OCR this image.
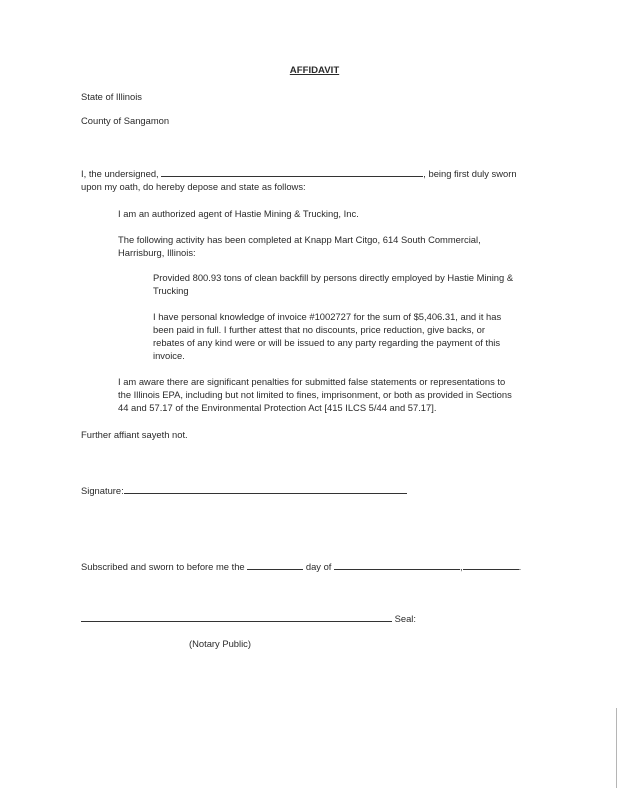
AFFIDAVIT
State of Illinois
County of Sangamon
I, the undersigned,	, being first duly sworn
upon my oath, do hereby depose and state as follows:
I am an authorized agent of Hastie Mining & Trucking, Inc.
The following activity has been completed at Knapp Mart Citgo, 614 South Commercial,
Harrisburg, Illinois:
Provided 800.93 tons of clean backfill by persons directly employed by Hastie Mining &
Trucking
I have personal knowledge of invoice #1002727 for the sum of $5,406.31, and it has
been paid in full. I further attest that no discounts, price reduction, give backs, or
rebates of any kind were or will be issued to any party regarding the payment of this
invoice.
I am aware there are significant penalties for submitted false statements or representations to
the Illinois EPA, including but not limited to fines, imprisonment, or both as provided in Sections
44 and 57.17 of the Environmental Protection Act [415 ILCS 5/44 and 57.17].
Further affiant sayeth not.
Signature:
Subscribed and sworn to before me the	day of	,	.
Seal:
(Notary Public)
